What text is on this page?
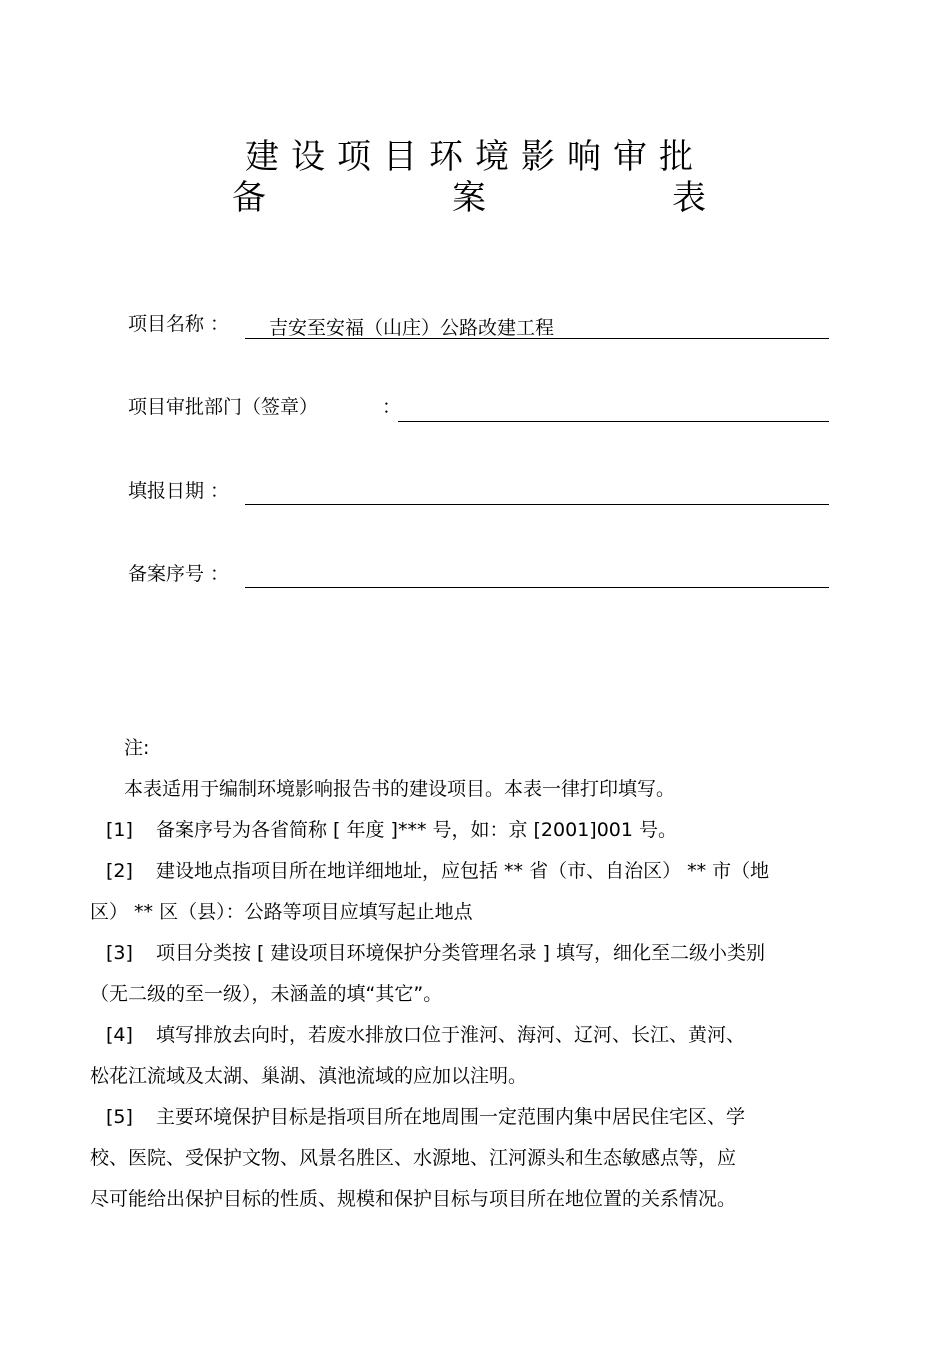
建设项目环境影响审批
备	案	表
项目名称 ： 吉安至安福（山庄）公路改建工程
项目审批部门（签章）	：
填报日期 ：
备案序号 ：
注:
本表适用于编制环境影响报告书的建设项目。本表一律打印填写。
[1] 备案序号为各省简称 [ 年度 ]*** 号，如：京 [2001]001 号。
[2] 建设地点指项目所在地详细地址，应包括 ** 省（市、自治区） ** 市（地
区） ** 区（县）：公路等项目应填写起止地点
[3] 项目分类按 [ 建设项目环境保护分类管理名录 ] 填写，细化至二级小类别
（无二级的至一级），未涵盖的填“其它”。
[4] 填写排放去向时，若废水排放口位于淮河、海河、辽河、长江、黄河、
松花江流域及太湖、巢湖、滇池流域的应加以注明。
[5] 主要环境保护目标是指项目所在地周围一定范围内集中居民住宅区、学
校、医院、受保护文物、风景名胜区、水源地、江河源头和生态敏感点等，应
尽可能给出保护目标的性质、规模和保护目标与项目所在地位置的关系情况。
